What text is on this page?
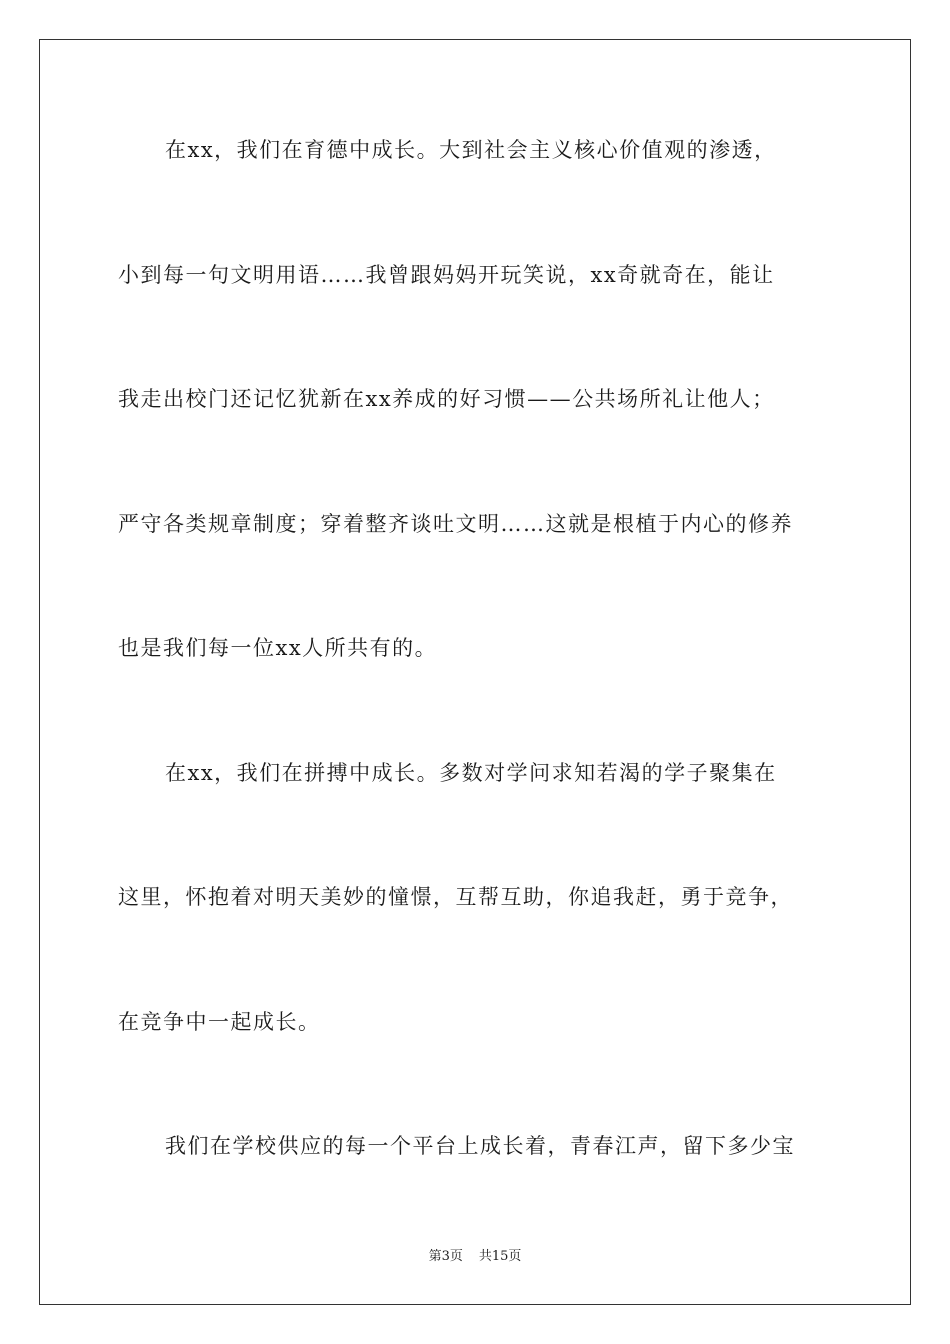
在xx，我们在育德中成长。大到社会主义核心价值观的渗透，
小到每一句文明用语……我曾跟妈妈开玩笑说，xx奇就奇在，能让
我走出校门还记忆犹新在xx养成的好习惯——公共场所礼让他人；
严守各类规章制度；穿着整齐谈吐文明……这就是根植于内心的修养
也是我们每一位xx人所共有的。
在xx，我们在拼搏中成长。多数对学问求知若渴的学子聚集在
这里，怀抱着对明天美妙的憧憬，互帮互助，你追我赶，勇于竞争，
在竞争中一起成长。
我们在学校供应的每一个平台上成长着，青春江声，留下多少宝
第3页 共15页
